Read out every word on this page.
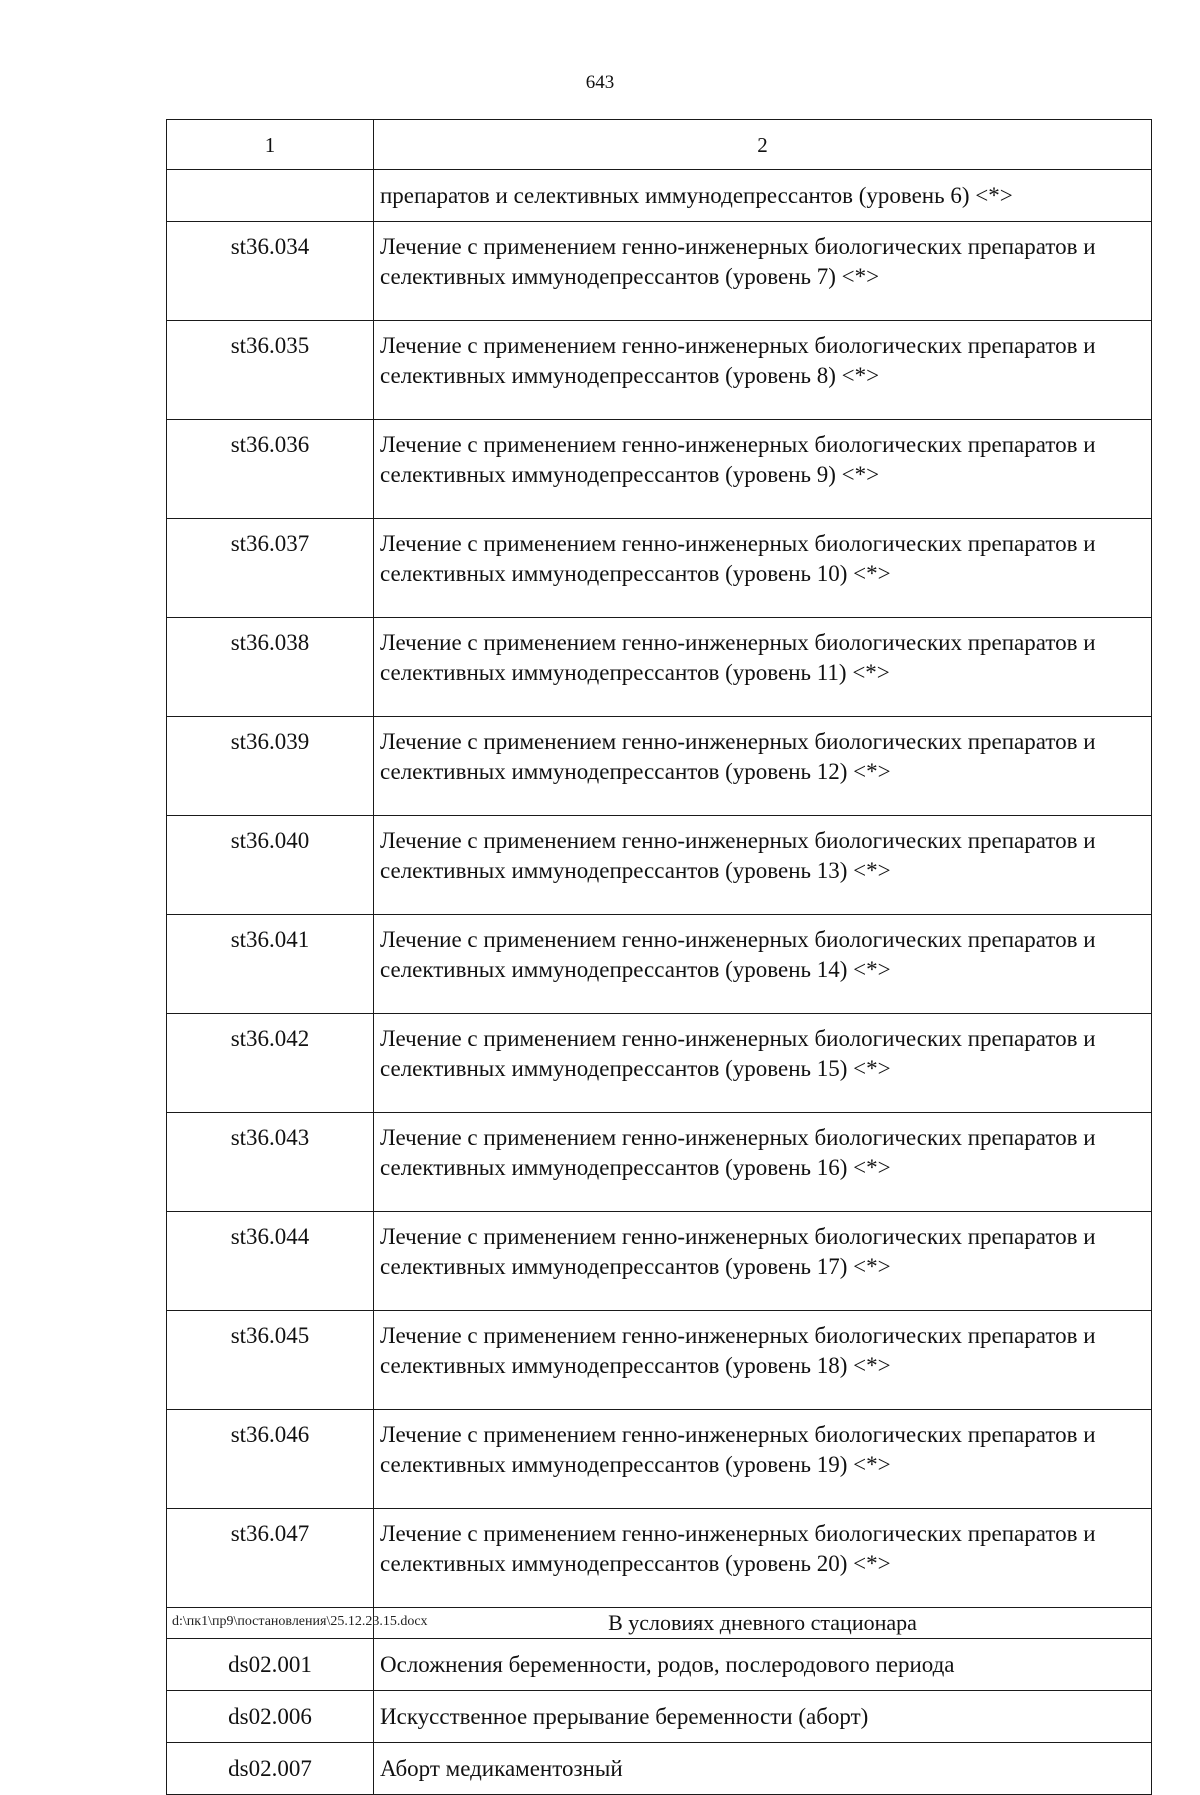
643
1	2
	препаратов и селективных иммунодепрессантов (уровень 6) <*>
st36.034	Лечение с применением генно-инженерных биологических препаратов и селективных иммунодепрессантов (уровень 7) <*>
st36.035	Лечение с применением генно-инженерных биологических препаратов и селективных иммунодепрессантов (уровень 8) <*>
st36.036	Лечение с применением генно-инженерных биологических препаратов и селективных иммунодепрессантов (уровень 9) <*>
st36.037	Лечение с применением генно-инженерных биологических препаратов и селективных иммунодепрессантов (уровень 10) <*>
st36.038	Лечение с применением генно-инженерных биологических препаратов и селективных иммунодепрессантов (уровень 11) <*>
st36.039	Лечение с применением генно-инженерных биологических препаратов и селективных иммунодепрессантов (уровень 12) <*>
st36.040	Лечение с применением генно-инженерных биологических препаратов и селективных иммунодепрессантов (уровень 13) <*>
st36.041	Лечение с применением генно-инженерных биологических препаратов и селективных иммунодепрессантов (уровень 14) <*>
st36.042	Лечение с применением генно-инженерных биологических препаратов и селективных иммунодепрессантов (уровень 15) <*>
st36.043	Лечение с применением генно-инженерных биологических препаратов и селективных иммунодепрессантов (уровень 16) <*>
st36.044	Лечение с применением генно-инженерных биологических препаратов и селективных иммунодепрессантов (уровень 17) <*>
st36.045	Лечение с применением генно-инженерных биологических препаратов и селективных иммунодепрессантов (уровень 18) <*>
st36.046	Лечение с применением генно-инженерных биологических препаратов и селективных иммунодепрессантов (уровень 19) <*>
st36.047	Лечение с применением генно-инженерных биологических препаратов и селективных иммунодепрессантов (уровень 20) <*>
	В условиях дневного стационара
ds02.001	Осложнения беременности, родов, послеродового периода
ds02.006	Искусственное прерывание беременности (аборт)
ds02.007	Аборт медикаментозный
d:\пк1\пр9\постановления\25.12.23.15.docx
